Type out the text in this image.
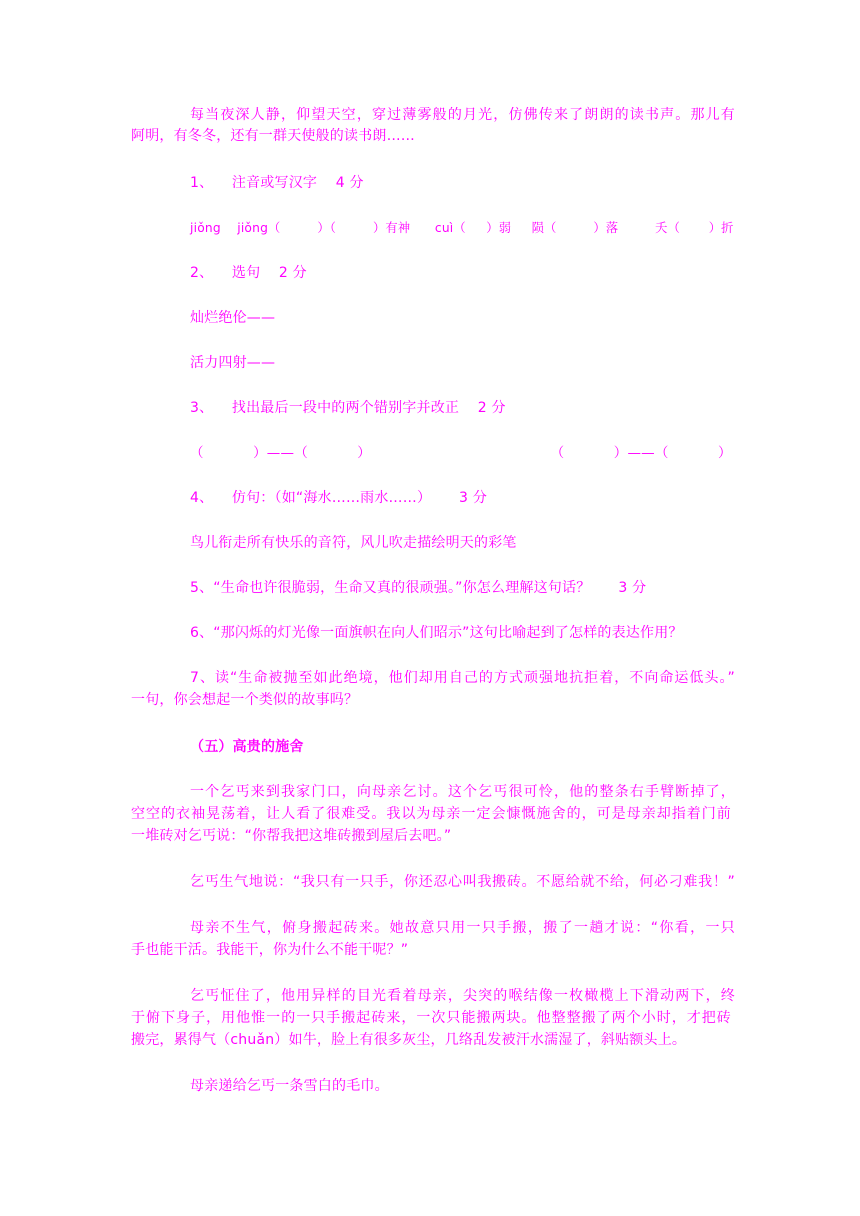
每当夜深人静，仰望天空，穿过薄雾般的月光，仿佛传来了朗朗的读书声。那儿有
阿明，有冬冬，还有一群天使般的读书朗……
1、    注音或写汉字    4 分
jiǒng    jiǒng（         ）（         ）有神      cuì（     ）弱     陨（         ）落         夭（       ）折
2、    选句    2 分
灿烂绝伦——
活力四射——
3、    找出最后一段中的两个错别字并改正    2 分
（           ）——（           ）                                        （           ）——（           ）
4、    仿句：（如“海水……雨水……）      3 分
鸟儿衔走所有快乐的音符，风儿吹走描绘明天的彩笔
5、“生命也许很脆弱，生命又真的很顽强。”你怎么理解这句话？      3 分
6、“那闪烁的灯光像一面旗帜在向人们昭示”这句比喻起到了怎样的表达作用？
7、读“生命被抛至如此绝境，他们却用自己的方式顽强地抗拒着，不向命运低头。”
一句，你会想起一个类似的故事吗？
（五）高贵的施舍
一个乞丐来到我家门口，向母亲乞讨。这个乞丐很可怜，他的整条右手臂断掉了，
空空的衣袖晃荡着，让人看了很难受。我以为母亲一定会慷慨施舍的，可是母亲却指着门前
一堆砖对乞丐说：“你帮我把这堆砖搬到屋后去吧。”
乞丐生气地说：“我只有一只手，你还忍心叫我搬砖。不愿给就不给，何必刁难我！”
母亲不生气，俯身搬起砖来。她故意只用一只手搬，搬了一趟才说：“你看，一只
手也能干活。我能干，你为什么不能干呢？”
乞丐怔住了，他用异样的目光看着母亲，尖突的喉结像一枚橄榄上下滑动两下，终
于俯下身子，用他惟一的一只手搬起砖来，一次只能搬两块。他整整搬了两个小时，才把砖
搬完，累得气（chuǎn）如牛，脸上有很多灰尘，几络乱发被汗水濡湿了，斜贴额头上。
母亲递给乞丐一条雪白的毛巾。
